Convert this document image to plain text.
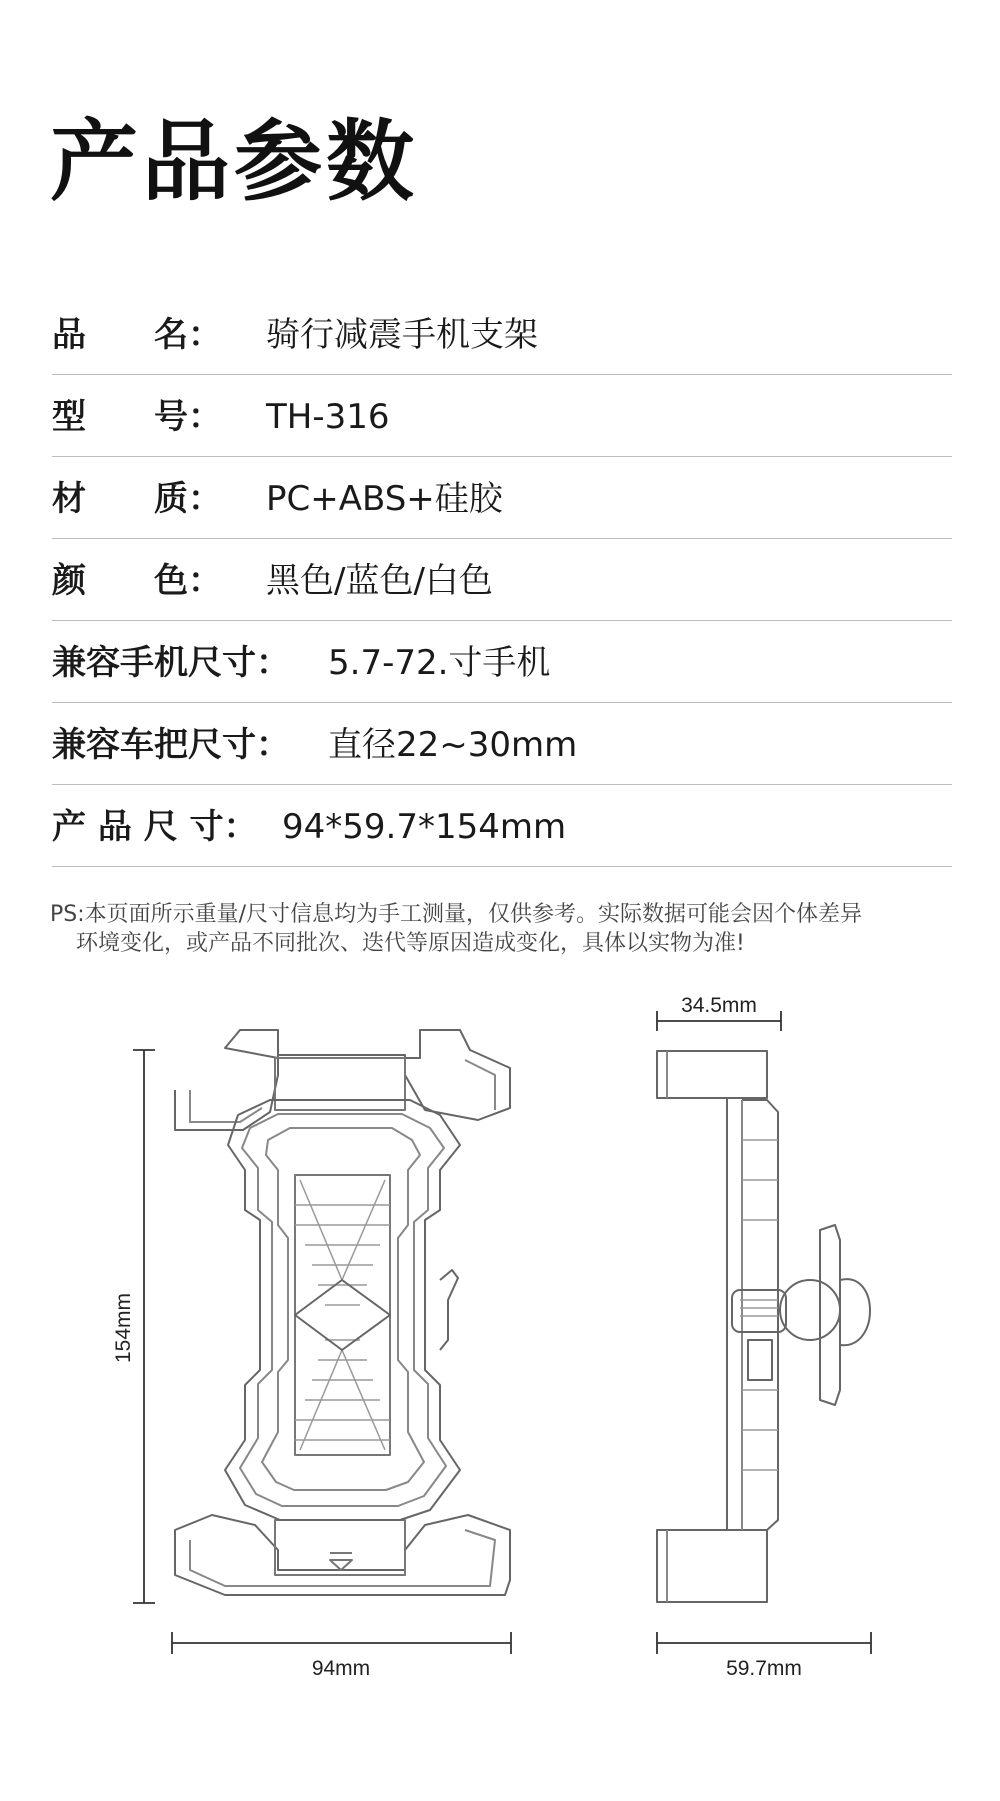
产品参数
品　　名： 骑行减震手机支架
型　　号： TH-316
材　　质： PC+ABS+硅胶
颜　　色： 黑色/蓝色/白色
兼容手机尺寸： 5.7-72.寸手机
兼容车把尺寸： 直径22~30mm
产 品 尺 寸： 94*59.7*154mm
PS:本页面所示重量/尺寸信息均为手工测量，仅供参考。实际数据可能会因个体差异
环境变化，或产品不同批次、迭代等原因造成变化，具体以实物为准!
154mm
94mm
34.5mm
59.7mm
